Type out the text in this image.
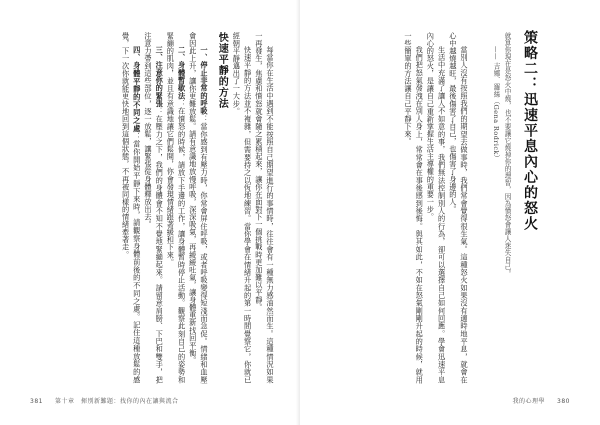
每當你在生活中遇到不能按照自己期望進行的事情時，往往會有一種無力感油然而生。這種情況如果一再發生，焦慮和憤怒就會隨之累積起來，讓你在面對下一個挑戰時更加難以平靜。

快速平靜的方法並不複雜，但需要持之以恆地練習。當你學會在情緒升起的第一時間覺察它，你就已經朝平靜邁出了一大步。

快速平靜的方法

一、停止非常的呼吸：當你感到有壓力時，你常會屏住呼吸，或者呼吸變得短淺而急促。情緒和血壓會因此上升，讓你更難放鬆。請有意識地放慢呼吸，深深吸氣，再緩緩吐氣，讓身體重新找回平衡。

二、身體暫歇法：在憤怒的時候，請放下手邊的工作，讓身體暫時停止活動。觀察此刻自己的姿勢和緊繃的肌肉，並且有意識地讓它們鬆開，你會發現情緒跟著緩和下來。

三、注意你的緊張：在壓力之下，我們的身體會不知不覺地緊繃起來。請留意肩膀、下巴和雙手，把注意力帶到這些部位，逐一放鬆，讓緊張從身體釋放出去。

四、身體平靜的不同之處：當你開始平靜下來時，請觀察身體前後的不同之處。記住這種放鬆的感覺，下一次你就能更快地回到這個狀態，不再被同樣的情緒牽著走。

381 第十章　揮別新難題：找你的內在讓與流合

當別人沒有按照我們的期望去做事時，我們常會覺得很生氣。這種怒火如果沒有適時地平息，就會在心中越燒越旺，最後傷害了自己，也傷害了身邊的人。

生活中充滿了讓人不如意的事，我們無法控制別人的行為，卻可以選擇自己如何回應。學會迅速平息內心的怒火，是讓自己重新掌握生活主導權的重要一步。

我們把怒氣發洩在別人身上，常常會在事後感到後悔。與其如此，不如在怒氣剛剛升起的時候，就用一些簡單的方法讓自己平靜下來。

我的心理學 380
策略二：迅速平息內心的怒火
就算你現在是怒火中燒，也不要讓它燒掉你的理智，因為憤怒會讓人迷失自己。
—— 吉娜．羅絲（Gena Rodrick）
